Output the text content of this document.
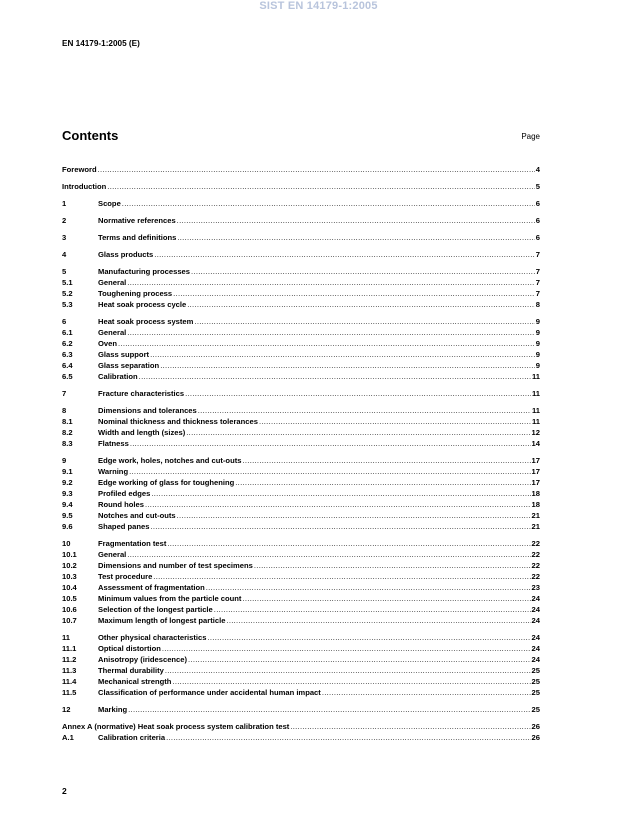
SIST EN 14179-1:2005
EN 14179-1:2005 (E)
Contents	Page
Foreword .....	4
Introduction .....	5
1	Scope .....	6
2	Normative references .....	6
3	Terms and definitions .....	6
4	Glass products .....	7
5	Manufacturing processes .....	7
5.1	General .....	7
5.2	Toughening process .....	7
5.3	Heat soak process cycle .....	8
6	Heat soak process system .....	9
6.1	General .....	9
6.2	Oven .....	9
6.3	Glass support .....	9
6.4	Glass separation .....	9
6.5	Calibration .....	11
7	Fracture characteristics .....	11
8	Dimensions and tolerances .....	11
8.1	Nominal thickness and thickness tolerances .....	11
8.2	Width and length (sizes) .....	12
8.3	Flatness .....	14
9	Edge work, holes, notches and cut-outs .....	17
9.1	Warning .....	17
9.2	Edge working of glass for toughening .....	17
9.3	Profiled edges .....	18
9.4	Round holes .....	18
9.5	Notches and cut-outs .....	21
9.6	Shaped panes .....	21
10	Fragmentation test .....	22
10.1	General .....	22
10.2	Dimensions and number of test specimens .....	22
10.3	Test procedure .....	22
10.4	Assessment of fragmentation .....	23
10.5	Minimum values from the particle count .....	24
10.6	Selection of the longest particle .....	24
10.7	Maximum length of longest particle .....	24
11	Other physical characteristics .....	24
11.1	Optical distortion .....	24
11.2	Anisotropy (iridescence) .....	24
11.3	Thermal durability .....	25
11.4	Mechanical strength .....	25
11.5	Classification of performance under accidental human impact .....	25
12	Marking .....	25
Annex A (normative) Heat soak process system calibration test .....	26
A.1	Calibration criteria .....	26
2
